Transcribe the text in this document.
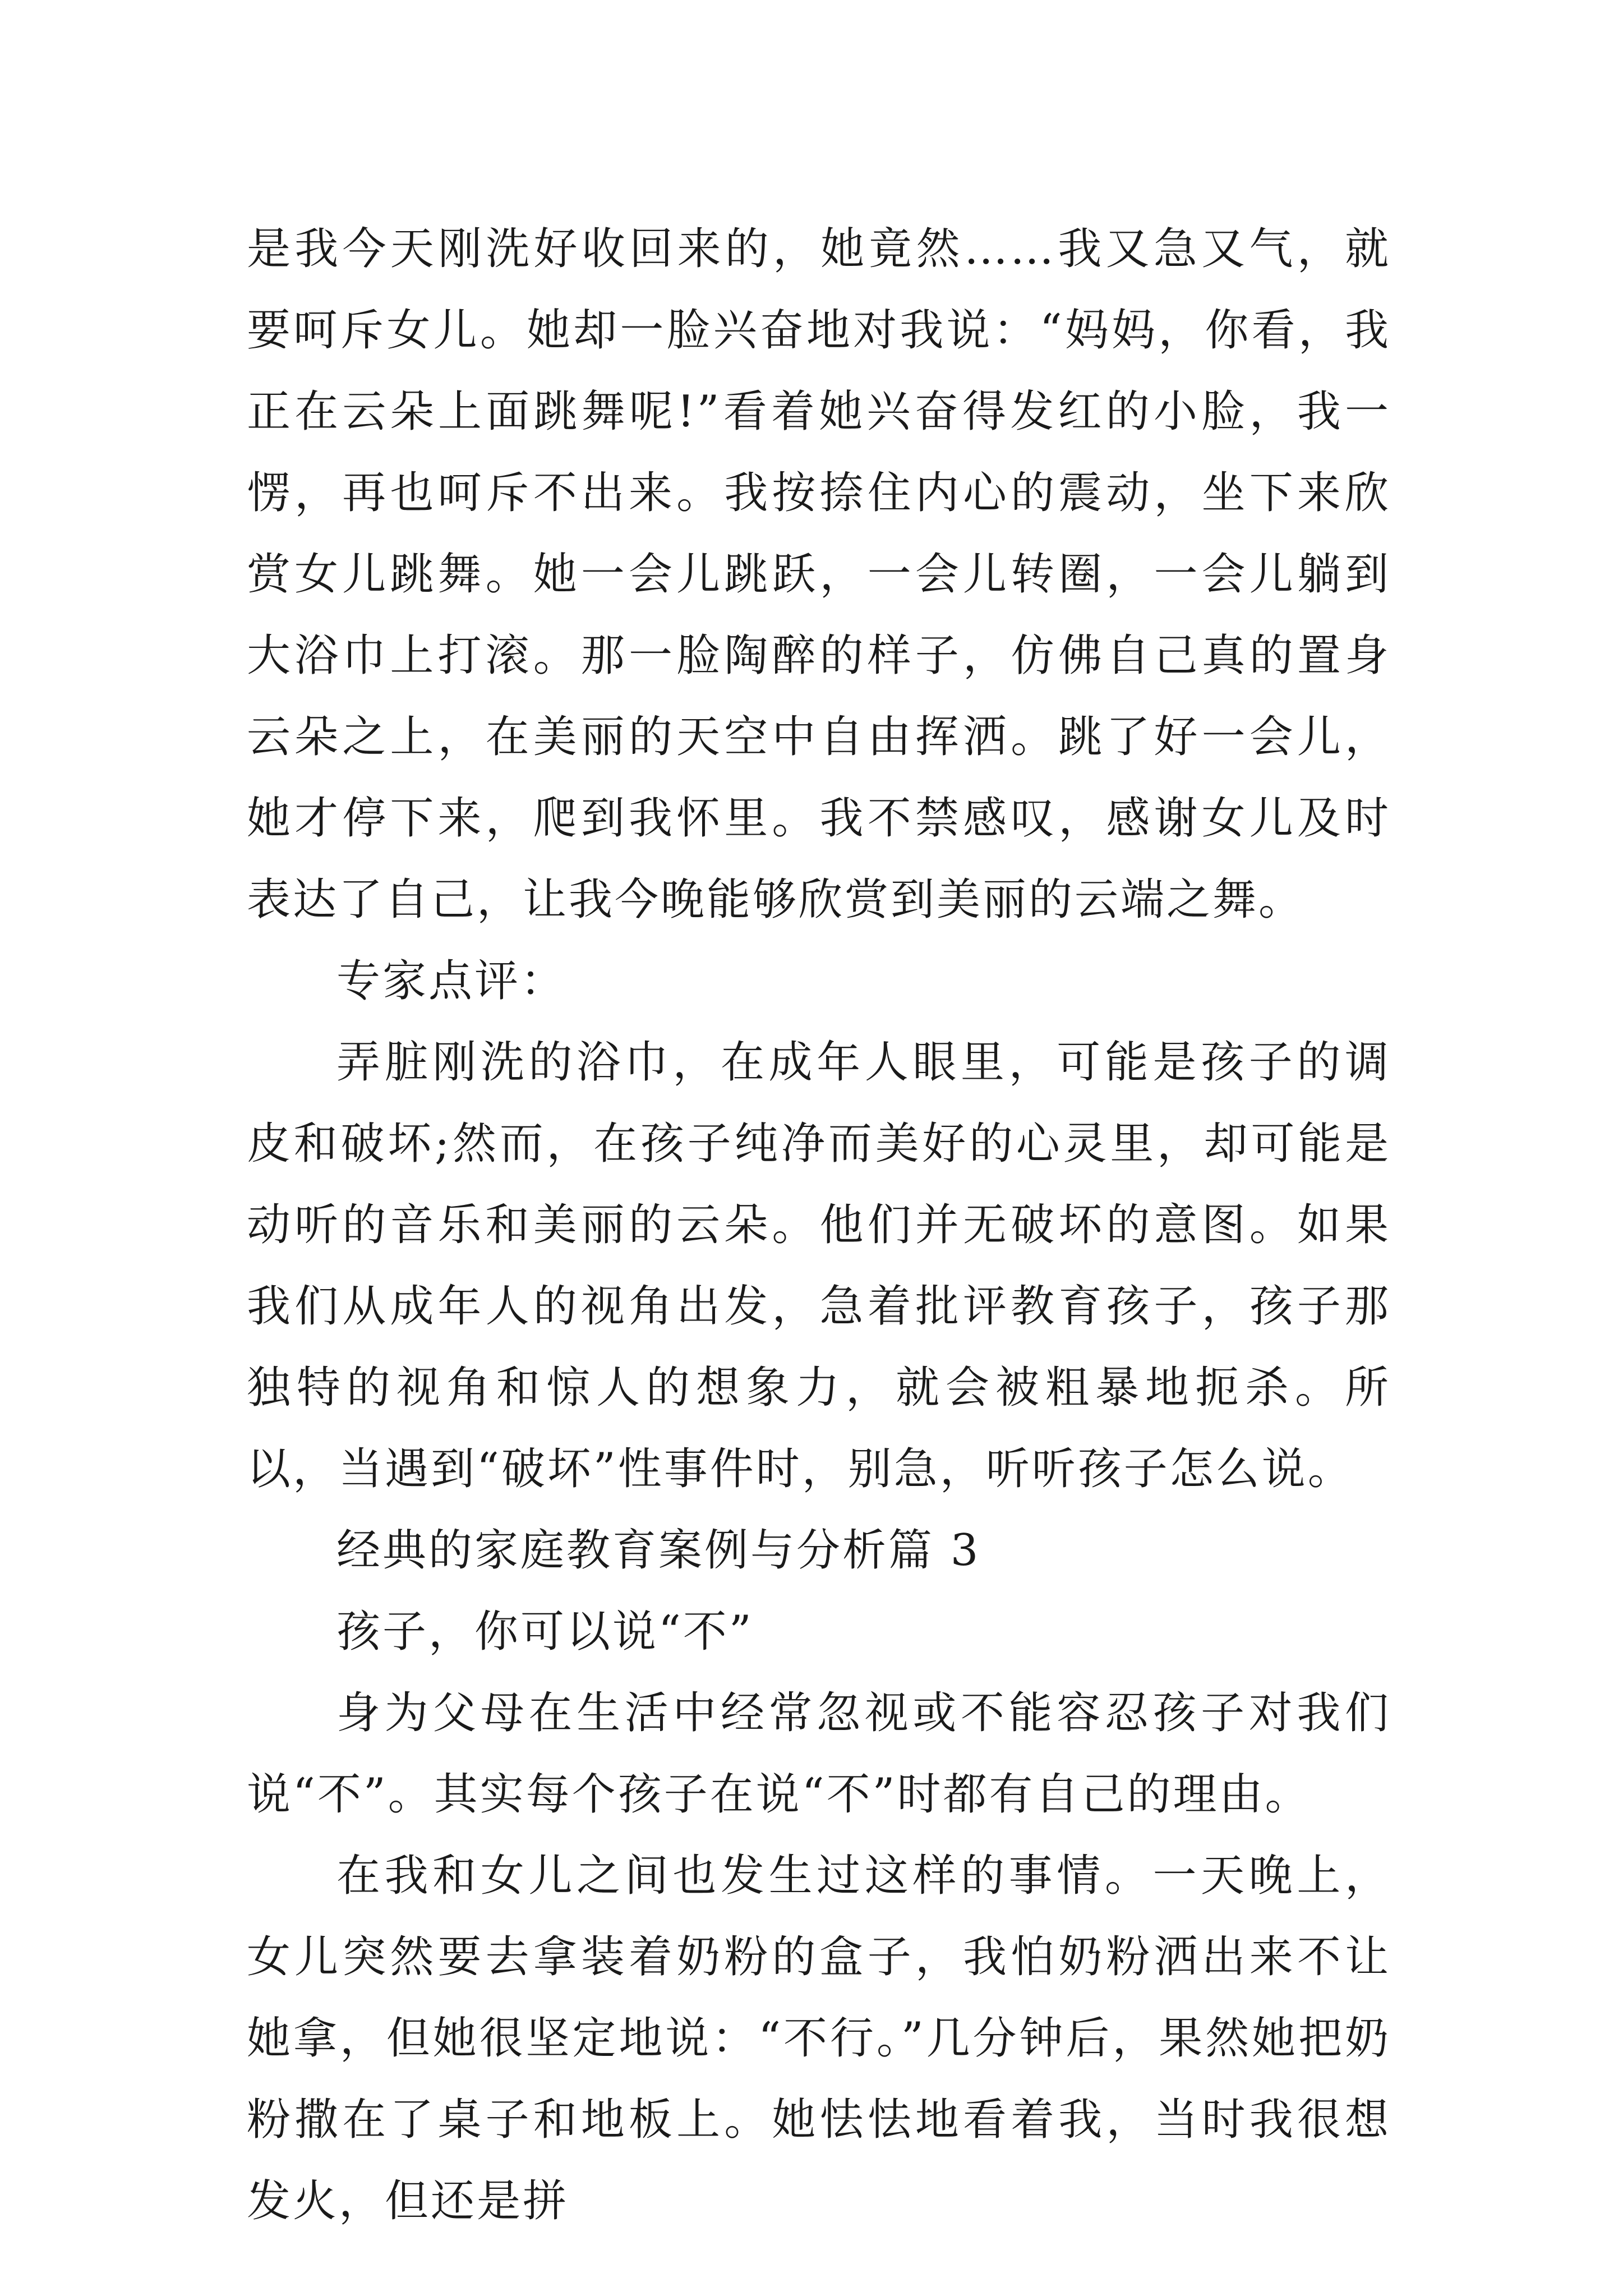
是我今天刚洗好收回来的，她竟然……我又急又气，就要呵斥女儿。她却一脸兴奋地对我说：“妈妈，你看，我正在云朵上面跳舞呢!”看着她兴奋得发红的小脸，我一愣，再也呵斥不出来。我按捺住内心的震动，坐下来欣赏女儿跳舞。她一会儿跳跃，一会儿转圈，一会儿躺到大浴巾上打滚。那一脸陶醉的样子，仿佛自己真的置身云朵之上，在美丽的天空中自由挥洒。跳了好一会儿，她才停下来，爬到我怀里。我不禁感叹，感谢女儿及时表达了自己，让我今晚能够欣赏到美丽的云端之舞。

专家点评：

弄脏刚洗的浴巾，在成年人眼里，可能是孩子的调皮和破坏;然而，在孩子纯净而美好的心灵里，却可能是动听的音乐和美丽的云朵。他们并无破坏的意图。如果我们从成年人的视角出发，急着批评教育孩子，孩子那独特的视角和惊人的想象力，就会被粗暴地扼杀。所以，当遇到“破坏”性事件时，别急，听听孩子怎么说。

经典的家庭教育案例与分析篇 3

孩子，你可以说“不”

身为父母在生活中经常忽视或不能容忍孩子对我们说“不”。其实每个孩子在说“不”时都有自己的理由。

在我和女儿之间也发生过这样的事情。一天晚上，女儿突然要去拿装着奶粉的盒子，我怕奶粉洒出来不让她拿，但她很坚定地说：“不行。”几分钟后，果然她把奶粉撒在了桌子和地板上。她怯怯地看着我，当时我很想发火，但还是拼
